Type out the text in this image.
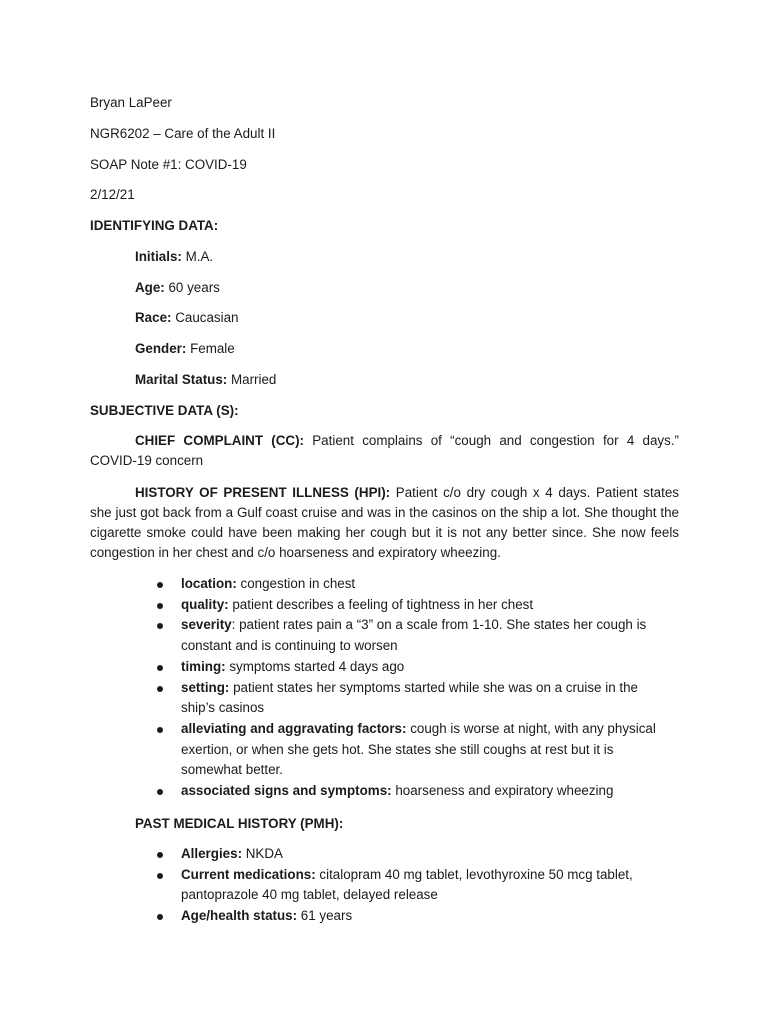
Bryan LaPeer
NGR6202 – Care of the Adult II
SOAP Note #1: COVID-19
2/12/21
IDENTIFYING DATA:
Initials: M.A.
Age: 60 years
Race: Caucasian
Gender: Female
Marital Status: Married
SUBJECTIVE DATA (S):
CHIEF COMPLAINT (CC): Patient complains of “cough and congestion for 4 days.” COVID-19 concern
HISTORY OF PRESENT ILLNESS (HPI): Patient c/o dry cough x 4 days. Patient states she just got back from a Gulf coast cruise and was in the casinos on the ship a lot. She thought the cigarette smoke could have been making her cough but it is not any better since. She now feels congestion in her chest and c/o hoarseness and expiratory wheezing.
location: congestion in chest
quality: patient describes a feeling of tightness in her chest
severity: patient rates pain a “3” on a scale from 1-10. She states her cough is constant and is continuing to worsen
timing: symptoms started 4 days ago
setting: patient states her symptoms started while she was on a cruise in the ship’s casinos
alleviating and aggravating factors: cough is worse at night, with any physical exertion, or when she gets hot. She states she still coughs at rest but it is somewhat better.
associated signs and symptoms: hoarseness and expiratory wheezing
PAST MEDICAL HISTORY (PMH):
Allergies: NKDA
Current medications: citalopram 40 mg tablet, levothyroxine 50 mcg tablet, pantoprazole 40 mg tablet, delayed release
Age/health status: 61 years
